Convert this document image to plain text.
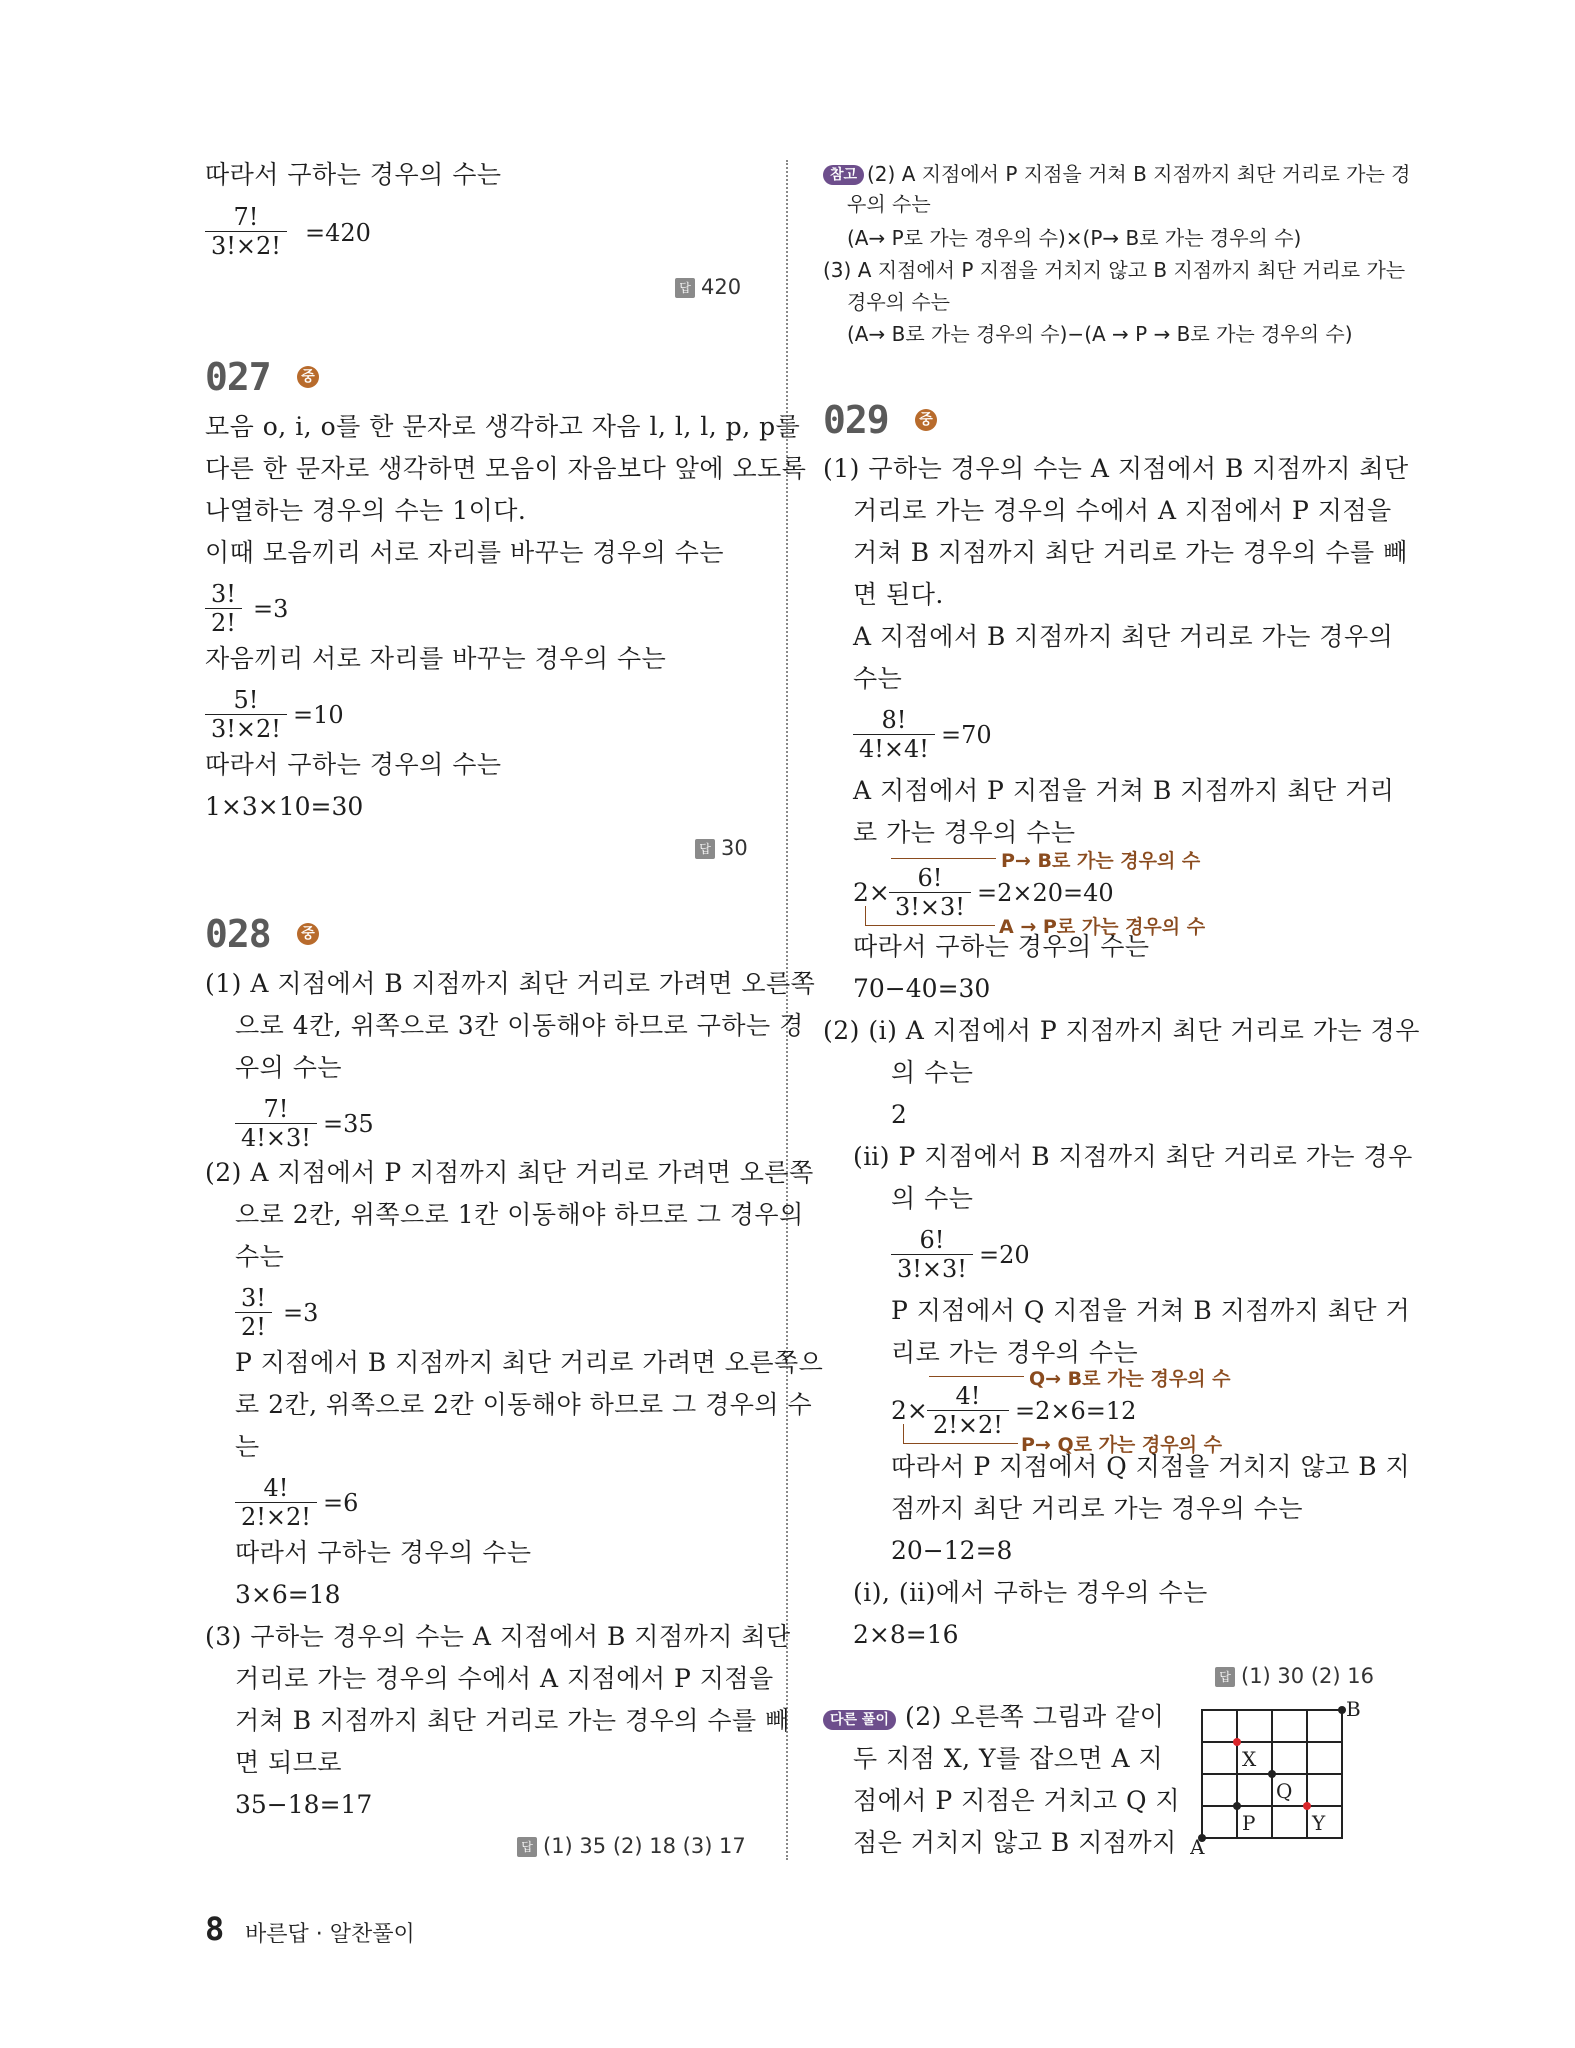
따라서 구하는 경우의 수는
$\frac{7!}{3!\times 2!} =420$
답 420
027	중
모음 o, i, o를 한 문자로 생각하고 자음 l, l, l, p, p를
다른 한 문자로 생각하면 모음이 자음보다 앞에 오도록
나열하는 경우의 수는 1이다.
이때 모음끼리 서로 자리를 바꾸는 경우의 수는
$\frac{3!}{2!} =3$
자음끼리 서로 자리를 바꾸는 경우의 수는
$\frac{5!}{3!\times 2!} =10$
따라서 구하는 경우의 수는
1×3×10=30
답 30
028	중
(1) A 지점에서 B 지점까지 최단 거리로 가려면 오른쪽
으로 4칸, 위쪽으로 3칸 이동해야 하므로 구하는 경
우의 수는
$\frac{7!}{4!\times 3!} =35$
(2) A 지점에서 P 지점까지 최단 거리로 가려면 오른쪽
으로 2칸, 위쪽으로 1칸 이동해야 하므로 그 경우의
수는
$\frac{3!}{2!} =3$
P 지점에서 B 지점까지 최단 거리로 가려면 오른쪽으
로 2칸, 위쪽으로 2칸 이동해야 하므로 그 경우의 수
는
$\frac{4!}{2!\times 2!} =6$
따라서 구하는 경우의 수는
3×6=18
(3) 구하는 경우의 수는 A 지점에서 B 지점까지 최단
거리로 가는 경우의 수에서 A 지점에서 P 지점을
거쳐 B 지점까지 최단 거리로 가는 경우의 수를 빼
면 되므로
35−18=17
답 (1) 35 (2) 18 (3) 17
참고 (2) A 지점에서 P 지점을 거쳐 B 지점까지 최단 거리로 가는 경
우의 수는
(A→ P로 가는 경우의 수)×(P→ B로 가는 경우의 수)
(3) A 지점에서 P 지점을 거치지 않고 B 지점까지 최단 거리로 가는
경우의 수는
(A→ B로 가는 경우의 수)−(A → P → B로 가는 경우의 수)
029	중
(1) 구하는 경우의 수는 A 지점에서 B 지점까지 최단
거리로 가는 경우의 수에서 A 지점에서 P 지점을
거쳐 B 지점까지 최단 거리로 가는 경우의 수를 빼
면 된다.
A 지점에서 B 지점까지 최단 거리로 가는 경우의
수는
$\frac{8!}{4!\times 4!} =70$
A 지점에서 P 지점을 거쳐 B 지점까지 최단 거리
로 가는 경우의 수는
P→ B로 가는 경우의 수
$2\times \frac{6!}{3!\times 3!} =2\times 20=40$
A → P로 가는 경우의 수
따라서 구하는 경우의 수는
70−40=30
(2) (ⅰ) A 지점에서 P 지점까지 최단 거리로 가는 경우
의 수는
2
(ⅱ) P 지점에서 B 지점까지 최단 거리로 가는 경우
의 수는
$\frac{6!}{3!\times 3!} =20$
P 지점에서 Q 지점을 거쳐 B 지점까지 최단 거
리로 가는 경우의 수는
Q→ B로 가는 경우의 수
$2\times \frac{4!}{2!\times 2!} =2\times 6=12$
P→ Q로 가는 경우의 수
따라서 P 지점에서 Q 지점을 거치지 않고 B 지
점까지 최단 거리로 가는 경우의 수는
20−12=8
(ⅰ), (ⅱ)에서 구하는 경우의 수는
2×8=16
답 (1) 30 (2) 16
다른 풀이 (2) 오른쪽 그림과 같이
두 지점 X, Y를 잡으면 A 지
점에서 P 지점은 거치고 Q 지
점은 거치지 않고 B 지점까지 A
B
X
Q
P	Y
8 바른답 · 알찬풀이
